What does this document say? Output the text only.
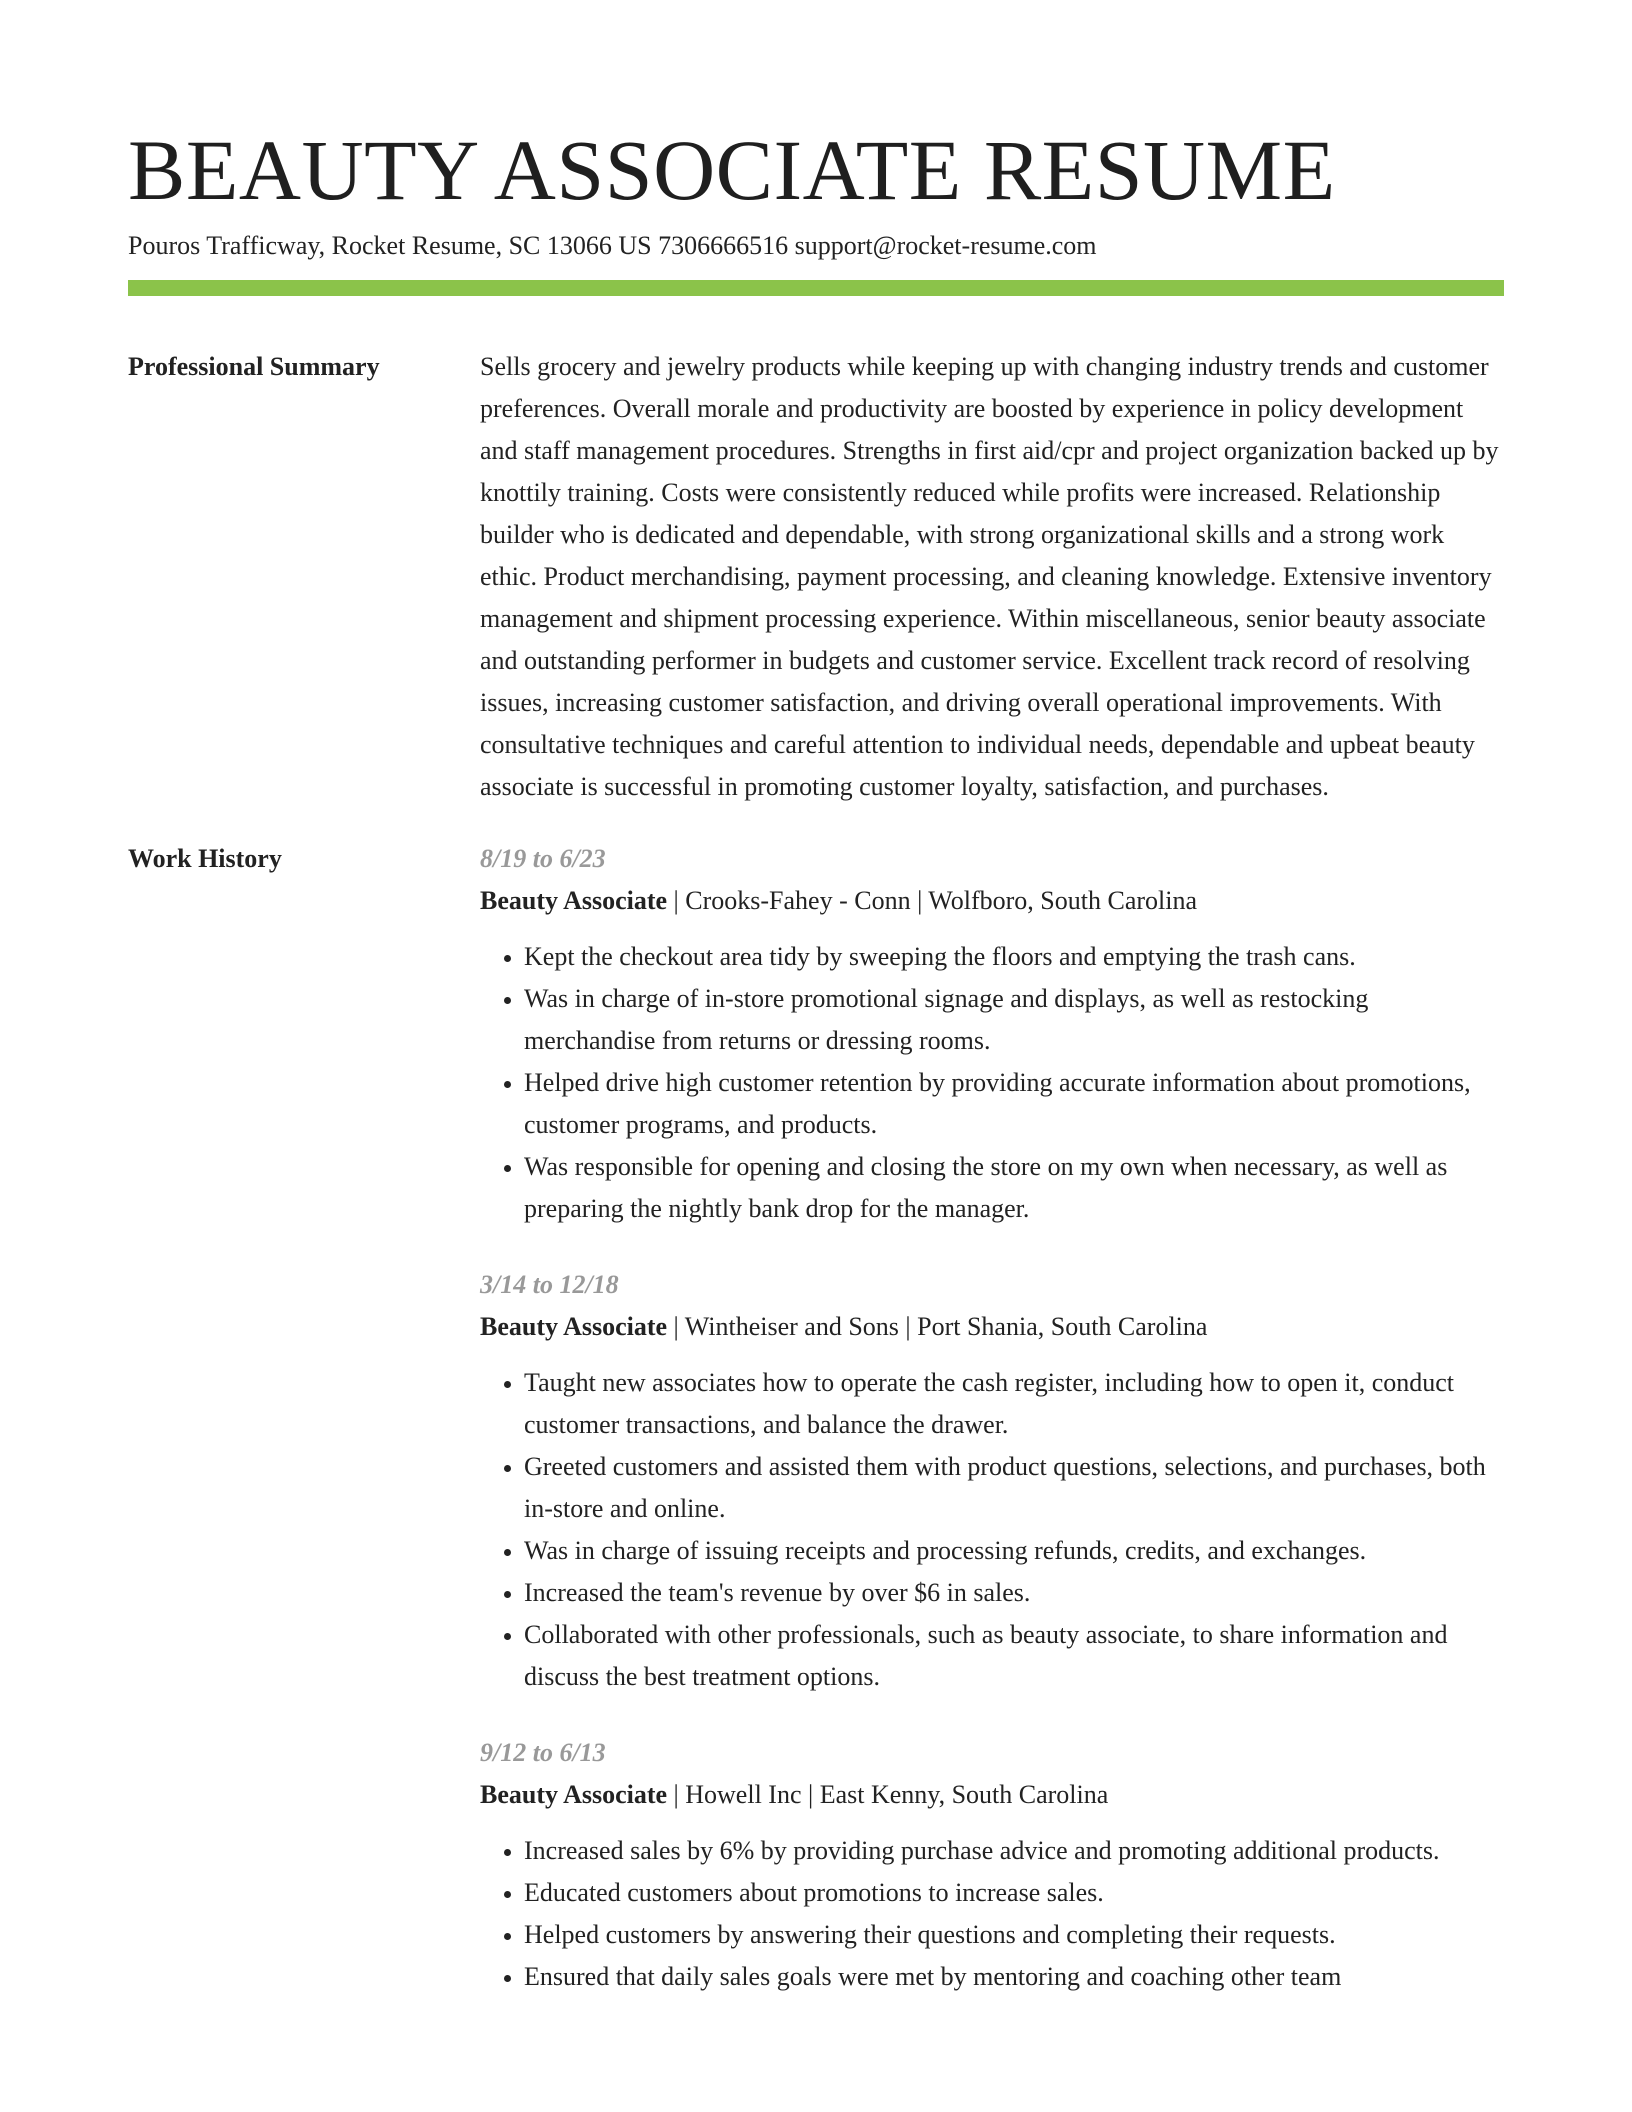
BEAUTY ASSOCIATE RESUME
Pouros Trafficway, Rocket Resume, SC 13066 US 7306666516 support@rocket-resume.com
Professional Summary	Sells grocery and jewelry products while keeping up with changing industry trends and customer preferences. Overall morale and productivity are boosted by experience in policy development and staff management procedures. Strengths in first aid/cpr and project organization backed up by knottily training. Costs were consistently reduced while profits were increased. Relationship builder who is dedicated and dependable, with strong organizational skills and a strong work ethic. Product merchandising, payment processing, and cleaning knowledge. Extensive inventory management and shipment processing experience. Within miscellaneous, senior beauty associate and outstanding performer in budgets and customer service. Excellent track record of resolving issues, increasing customer satisfaction, and driving overall operational improvements. With consultative techniques and careful attention to individual needs, dependable and upbeat beauty associate is successful in promoting customer loyalty, satisfaction, and purchases.

Work History	8/19 to 6/23
Beauty Associate | Crooks-Fahey - Conn | Wolfboro, South Carolina
• Kept the checkout area tidy by sweeping the floors and emptying the trash cans.
• Was in charge of in-store promotional signage and displays, as well as restocking merchandise from returns or dressing rooms.
• Helped drive high customer retention by providing accurate information about promotions, customer programs, and products.
• Was responsible for opening and closing the store on my own when necessary, as well as preparing the nightly bank drop for the manager.
3/14 to 12/18
Beauty Associate | Wintheiser and Sons | Port Shania, South Carolina
• Taught new associates how to operate the cash register, including how to open it, conduct customer transactions, and balance the drawer.
• Greeted customers and assisted them with product questions, selections, and purchases, both in-store and online.
• Was in charge of issuing receipts and processing refunds, credits, and exchanges.
• Increased the team's revenue by over $6 in sales.
• Collaborated with other professionals, such as beauty associate, to share information and discuss the best treatment options.
9/12 to 6/13
Beauty Associate | Howell Inc | East Kenny, South Carolina
• Increased sales by 6% by providing purchase advice and promoting additional products.
• Educated customers about promotions to increase sales.
• Helped customers by answering their questions and completing their requests.
• Ensured that daily sales goals were met by mentoring and coaching other team
